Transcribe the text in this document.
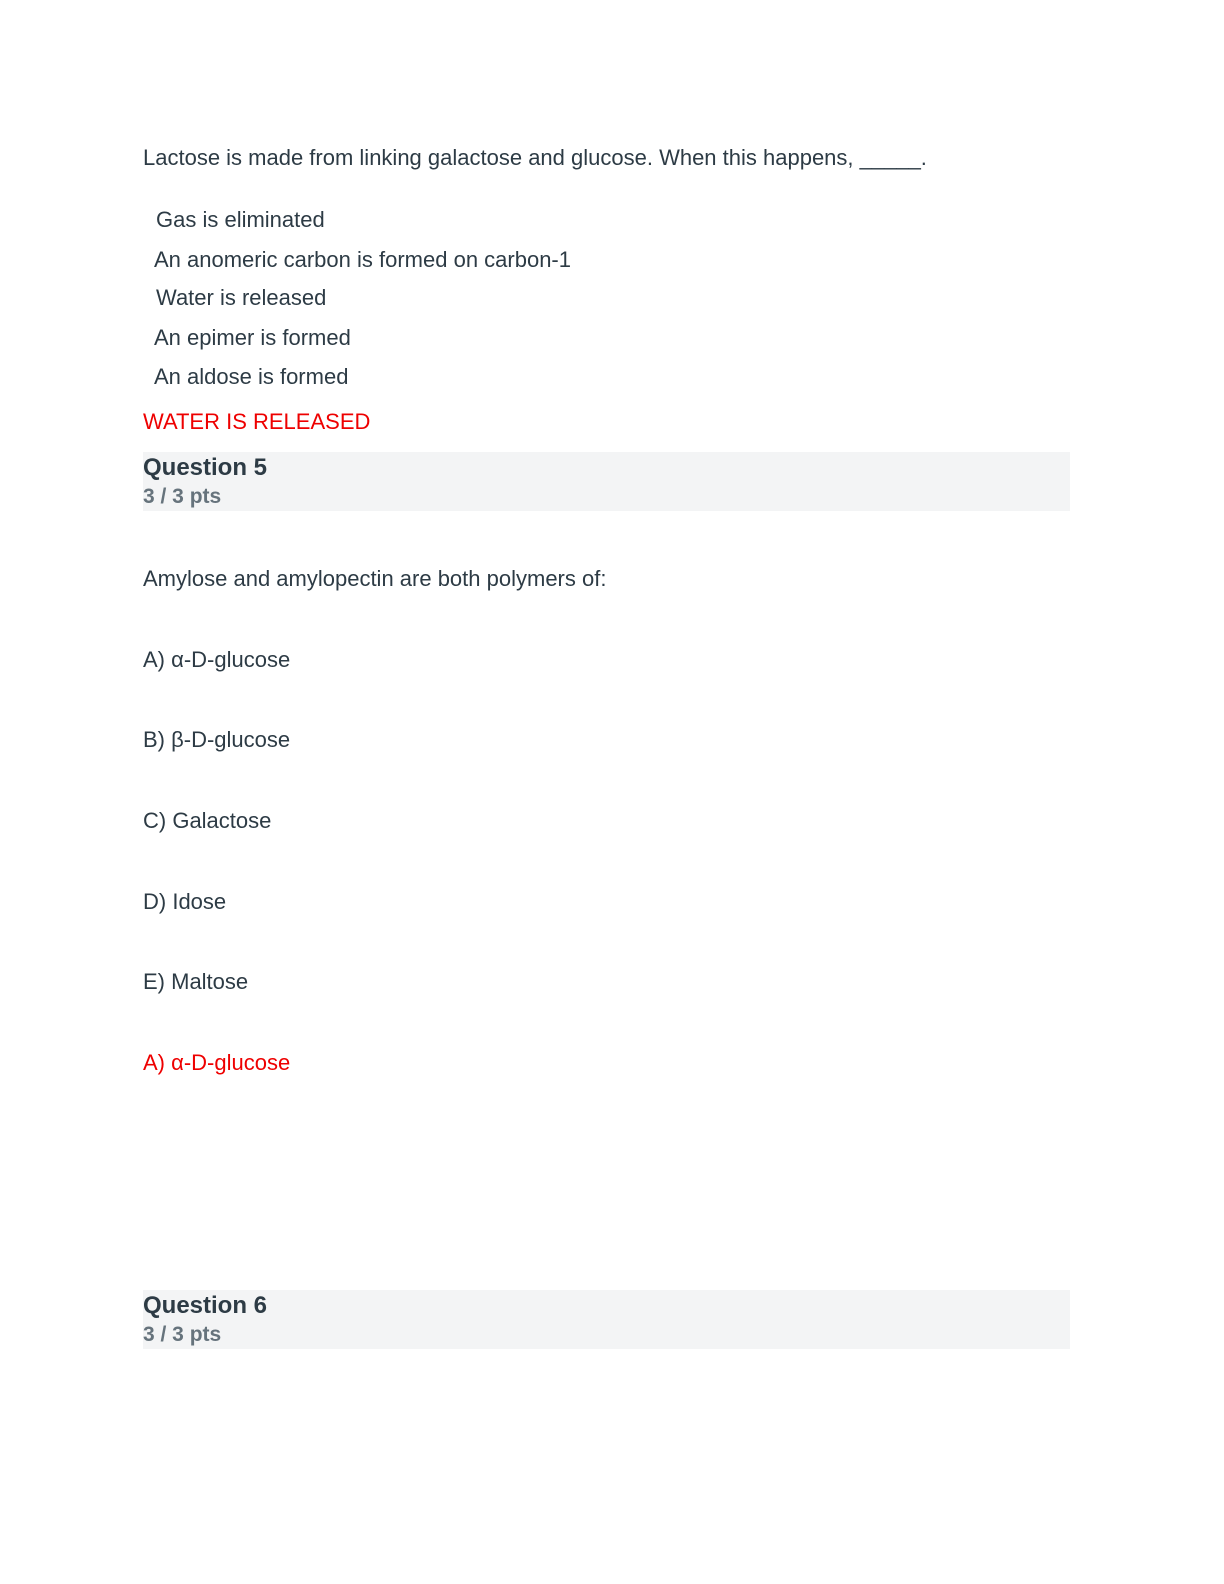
Lactose is made from linking galactose and glucose. When this happens, _____.

Gas is eliminated
An anomeric carbon is formed on carbon-1
Water is released
An epimer is formed
An aldose is formed

WATER IS RELEASED

Question 5
3 / 3 pts

Amylose and amylopectin are both polymers of:

A) α-D-glucose

B) β-D-glucose

C) Galactose

D) Idose

E) Maltose

A) α-D-glucose

Question 6
3 / 3 pts
